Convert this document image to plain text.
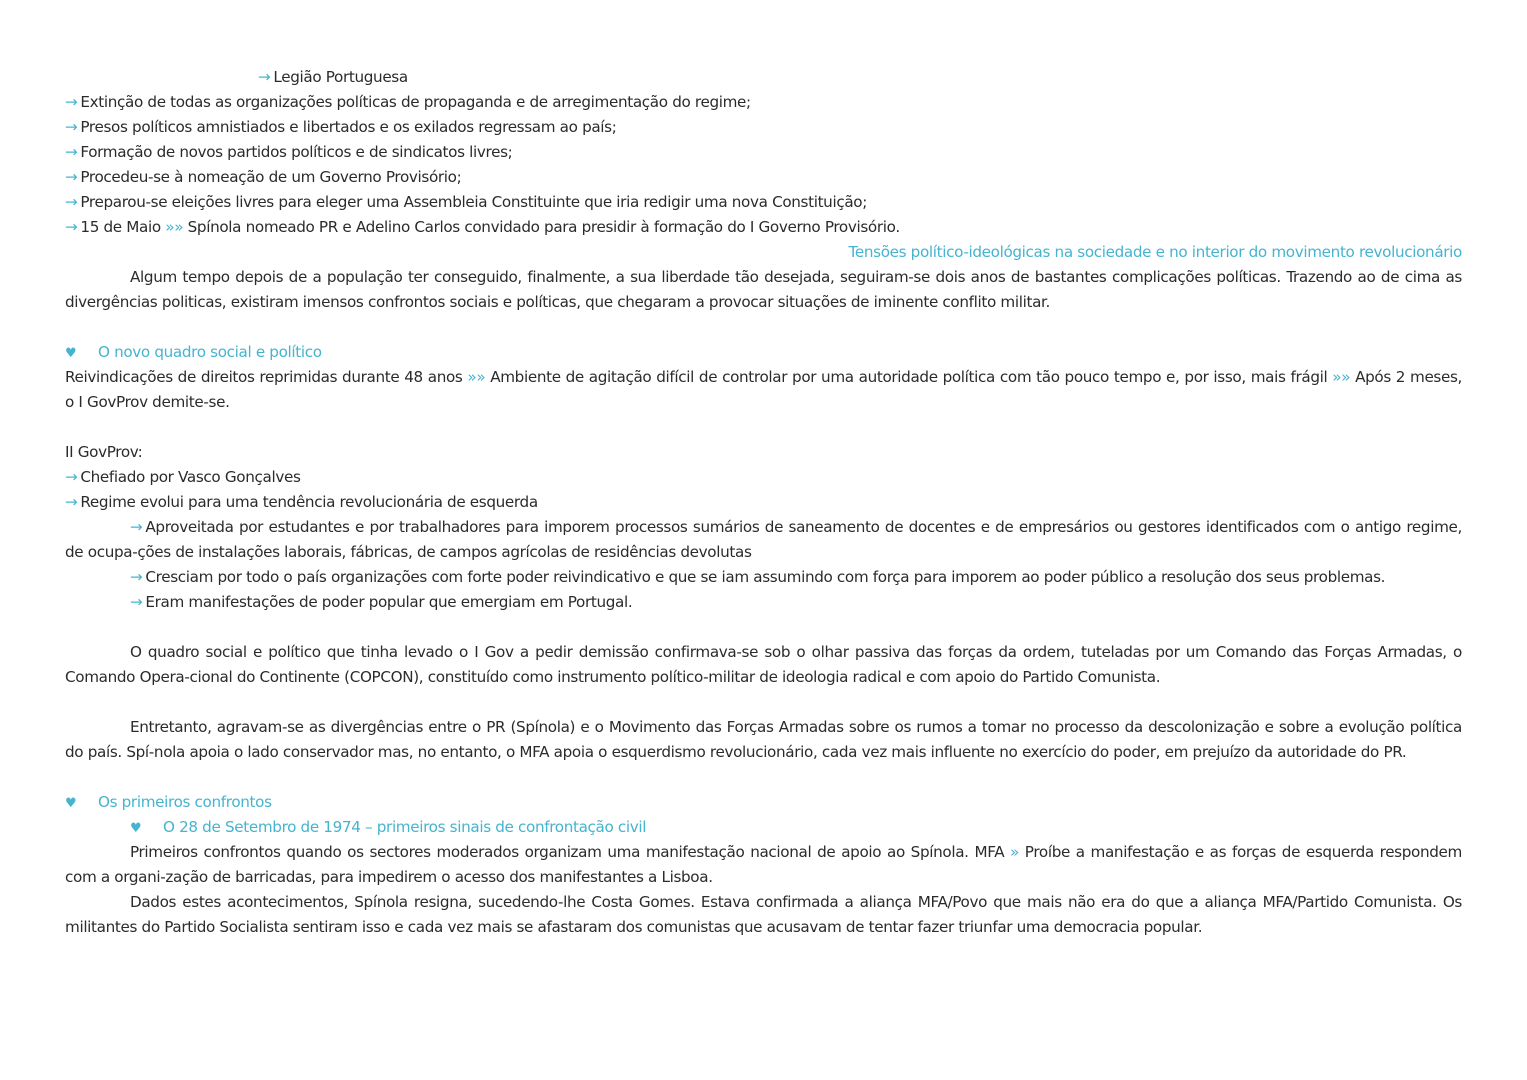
→ Legião Portuguesa
→ Extinção de todas as organizações políticas de propaganda e de arregimentação do regime;
→ Presos políticos amnistiados e libertados e os exilados regressam ao país;
→ Formação de novos partidos políticos e de sindicatos livres;
→ Procedeu-se à nomeação de um Governo Provisório;
→ Preparou-se eleições livres para eleger uma Assembleia Constituinte que iria redigir uma nova Constituição;
→ 15 de Maio »» Spínola nomeado PR e Adelino Carlos convidado para presidir à formação do I Governo Provisório.
Tensões político-ideológicas na sociedade e no interior do movimento revolucionário
Algum tempo depois de a população ter conseguido, finalmente, a sua liberdade tão desejada, seguiram-se dois anos de bastantes complicações políticas. Trazendo ao de cima as divergências politicas, existiram imensos confrontos sociais e políticas, que chegaram a provocar situações de iminente conflito militar.
♥ O novo quadro social e político
Reivindicações de direitos reprimidas durante 48 anos »» Ambiente de agitação difícil de controlar por uma autoridade política com tão pouco tempo e, por isso, mais frágil »» Após 2 meses, o I GovProv demite-se.
II GovProv:
→ Chefiado por Vasco Gonçalves
→ Regime evolui para uma tendência revolucionária de esquerda
→ Aproveitada por estudantes e por trabalhadores para imporem processos sumários de saneamento de docentes e de empresários ou gestores identificados com o antigo regime, de ocupa-ções de instalações laborais, fábricas, de campos agrícolas de residências devolutas
→ Cresciam por todo o país organizações com forte poder reivindicativo e que se iam assumindo com força para imporem ao poder público a resolução dos seus problemas.
→ Eram manifestações de poder popular que emergiam em Portugal.
O quadro social e político que tinha levado o I Gov a pedir demissão confirmava-se sob o olhar passiva das forças da ordem, tuteladas por um Comando das Forças Armadas, o Comando Opera-cional do Continente (COPCON), constituído como instrumento político-militar de ideologia radical e com apoio do Partido Comunista.
Entretanto, agravam-se as divergências entre o PR (Spínola) e o Movimento das Forças Armadas sobre os rumos a tomar no processo da descolonização e sobre a evolução política do país. Spí-nola apoia o lado conservador mas, no entanto, o MFA apoia o esquerdismo revolucionário, cada vez mais influente no exercício do poder, em prejuízo da autoridade do PR.
♥ Os primeiros confrontos
♥ O 28 de Setembro de 1974 – primeiros sinais de confrontação civil
Primeiros confrontos quando os sectores moderados organizam uma manifestação nacional de apoio ao Spínola. MFA » Proíbe a manifestação e as forças de esquerda respondem com a organi-zação de barricadas, para impedirem o acesso dos manifestantes a Lisboa.
Dados estes acontecimentos, Spínola resigna, sucedendo-lhe Costa Gomes. Estava confirmada a aliança MFA/Povo que mais não era do que a aliança MFA/Partido Comunista. Os militantes do Partido Socialista sentiram isso e cada vez mais se afastaram dos comunistas que acusavam de tentar fazer triunfar uma democracia popular.
